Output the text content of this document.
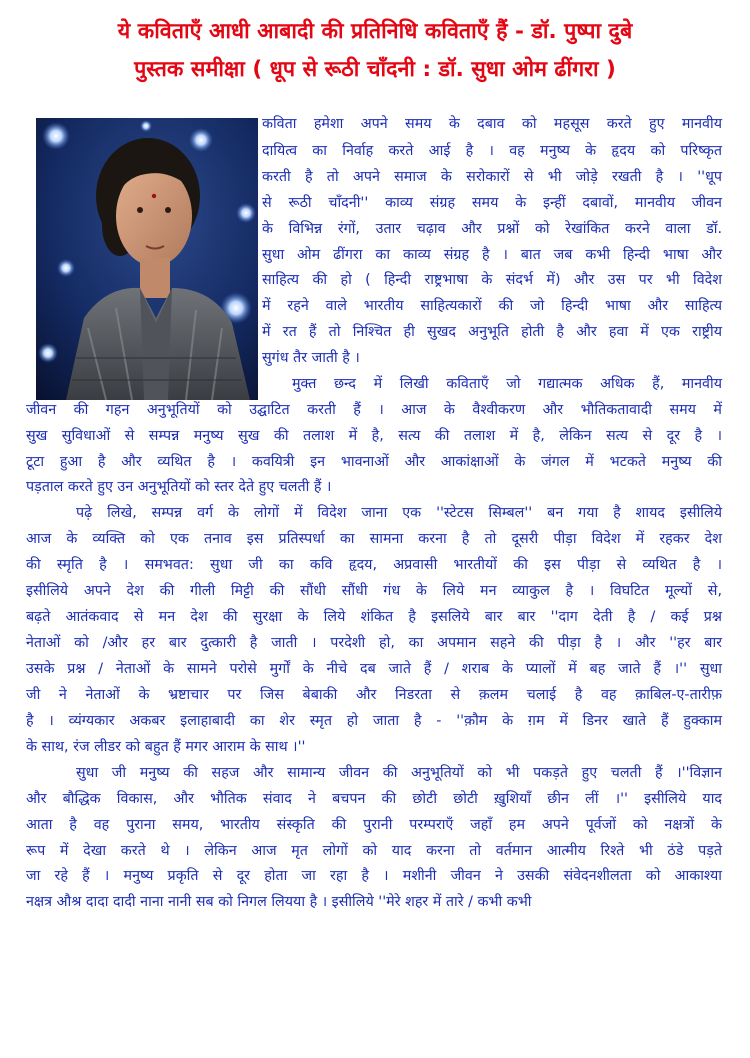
ये कविताएँ आधी आबादी की प्रतिनिधि कविताएँ हैं - डॉ. पुष्पा दुबे
पुस्तक समीक्षा ( धूप से रूठी चाँदनी : डॉ. सुधा ओम ढींगरा )
कविता हमेशा अपने समय के दबाव को महसूस करते हुए मानवीय
दायित्व का निर्वाह करते आई है । वह मनुष्य के हृदय को परिष्कृत
करती है तो अपने समाज के सरोकारों से भी जोड़े रखती है । ''धूप
से रूठी चाँदनी'' काव्य संग्रह समय के इन्हीं दबावों, मानवीय जीवन
के विभिन्न रंगों, उतार चढ़ाव और प्रश्नों को रेखांकित करने वाला डॉ.
सुधा ओम ढींगरा का काव्य संग्रह है । बात जब कभी हिन्दी भाषा और
साहित्य की हो ( हिन्दी राष्ट्रभाषा के संदर्भ में) और उस पर भी विदेश
में रहने वाले भारतीय साहित्यकारों की जो हिन्दी भाषा और साहित्य
में रत हैं तो निश्चित ही सुखद अनुभूति होती है और हवा में एक राष्ट्रीय
सुगंध तैर जाती है ।
मुक्त छन्द में लिखी कविताएँ जो गद्यात्मक अधिक हैं, मानवीय
जीवन की गहन अनुभूतियों को उद्घाटित करती हैं । आज के वैश्वीकरण और भौतिकतावादी समय में
सुख सुविधाओं से सम्पन्न मनुष्य सुख की तलाश में है, सत्य की तलाश में है, लेकिन सत्य से दूर है ।
टूटा हुआ है और व्यथित है । कवयित्री इन भावनाओं और आकांक्षाओं के जंगल में भटकते मनुष्य की
पड़ताल करते हुए उन अनुभूतियों को स्तर देते हुए चलती हैं ।
पढ़े लिखे, सम्पन्न वर्ग के लोगों में विदेश जाना एक ''स्टेटस सिम्बल'' बन गया है शायद इसीलिये
आज के व्यक्ति को एक तनाव इस प्रतिस्पर्धा का सामना करना है तो दूसरी पीड़ा विदेश में रहकर देश
की स्मृति है । समभवत: सुधा जी का कवि हृदय, अप्रवासी भारतीयों की इस पीड़ा से व्यथित है ।
इसीलिये अपने देश की गीली मिट्टी की सौंधी सौंधी गंध के लिये मन व्याकुल है । विघटित मूल्यों से,
बढ़ते आतंकवाद से मन देश की सुरक्षा के लिये शंकित है इसलिये बार बार ''दाग देती है / कई प्रश्न
नेताओं को /और हर बार दुत्कारी है जाती । परदेशी हो, का अपमान सहने की पीड़ा है । और ''हर बार
उसके प्रश्न / नेताओं के सामने परोसे मुर्गों के नीचे दब जाते हैं / शराब के प्यालों में बह जाते हैं ।'' सुधा
जी ने नेताओं के भ्रष्टाचार पर जिस बेबाकी और निडरता से क़लम चलाई है वह क़ाबिल-ए-तारीफ़
है । व्यंग्यकार अकबर इलाहाबादी का शेर स्मृत हो जाता है - ''क़ौम के ग़म में डिनर खाते हैं हुक्काम
के साथ, रंज लीडर को बहुत हैं मगर आराम के साथ ।''
सुधा जी मनुष्य की सहज और सामान्य जीवन की अनुभूतियों को भी पकड़ते हुए चलती हैं ।''विज्ञान
और बौद्धिक विकास, और भौतिक संवाद ने बचपन की छोटी छोटी ख़ुशियाँ छीन लीं ।'' इसीलिये याद
आता है वह पुराना समय, भारतीय संस्कृति की पुरानी परम्पराएँ जहाँ हम अपने पूर्वजों को नक्षत्रों के
रूप में देखा करते थे । लेकिन आज मृत लोगों को याद करना तो वर्तमान आत्मीय रिश्ते भी ठंडे पड़ते
जा रहे हैं । मनुष्य प्रकृति से दूर होता जा रहा है । मशीनी जीवन ने उसकी संवेदनशीलता को आकाश्या
नक्षत्र औश्र दादा दादी नाना नानी सब को निगल लियया है । इसीलिये ''मेरे शहर में तारे / कभी कभी
